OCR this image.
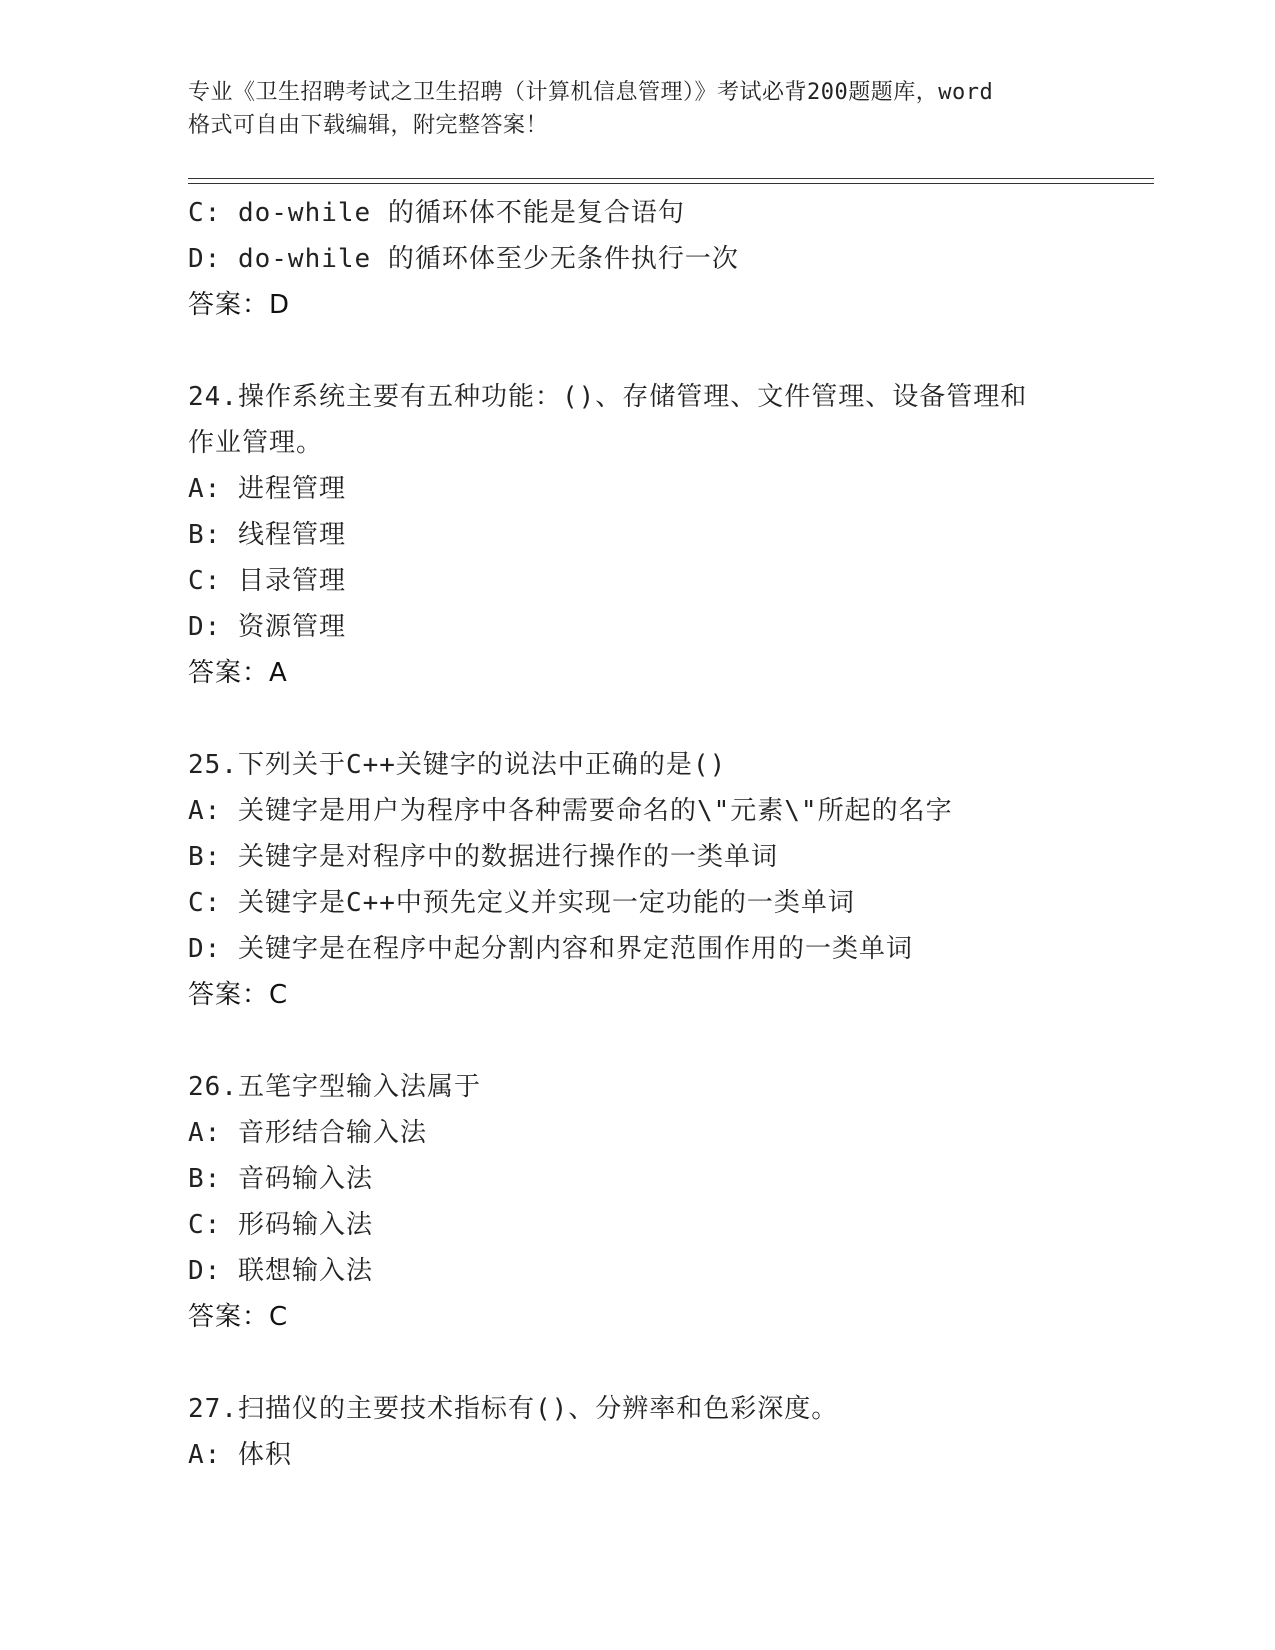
专业《卫生招聘考试之卫生招聘（计算机信息管理）》考试必背200题题库，word
格式可自由下载编辑，附完整答案！
C: do-while 的循环体不能是复合语句
D: do-while 的循环体至少无条件执行一次
答案：D
24.操作系统主要有五种功能：()、存储管理、文件管理、设备管理和
作业管理。
A: 进程管理
B: 线程管理
C: 目录管理
D: 资源管理
答案：A
25.下列关于C++关键字的说法中正确的是()
A: 关键字是用户为程序中各种需要命名的\"元素\"所起的名字
B: 关键字是对程序中的数据进行操作的一类单词
C: 关键字是C++中预先定义并实现一定功能的一类单词
D: 关键字是在程序中起分割内容和界定范围作用的一类单词
答案：C
26.五笔字型输入法属于
A: 音形结合输入法
B: 音码输入法
C: 形码输入法
D: 联想输入法
答案：C
27.扫描仪的主要技术指标有()、分辨率和色彩深度。
A: 体积
